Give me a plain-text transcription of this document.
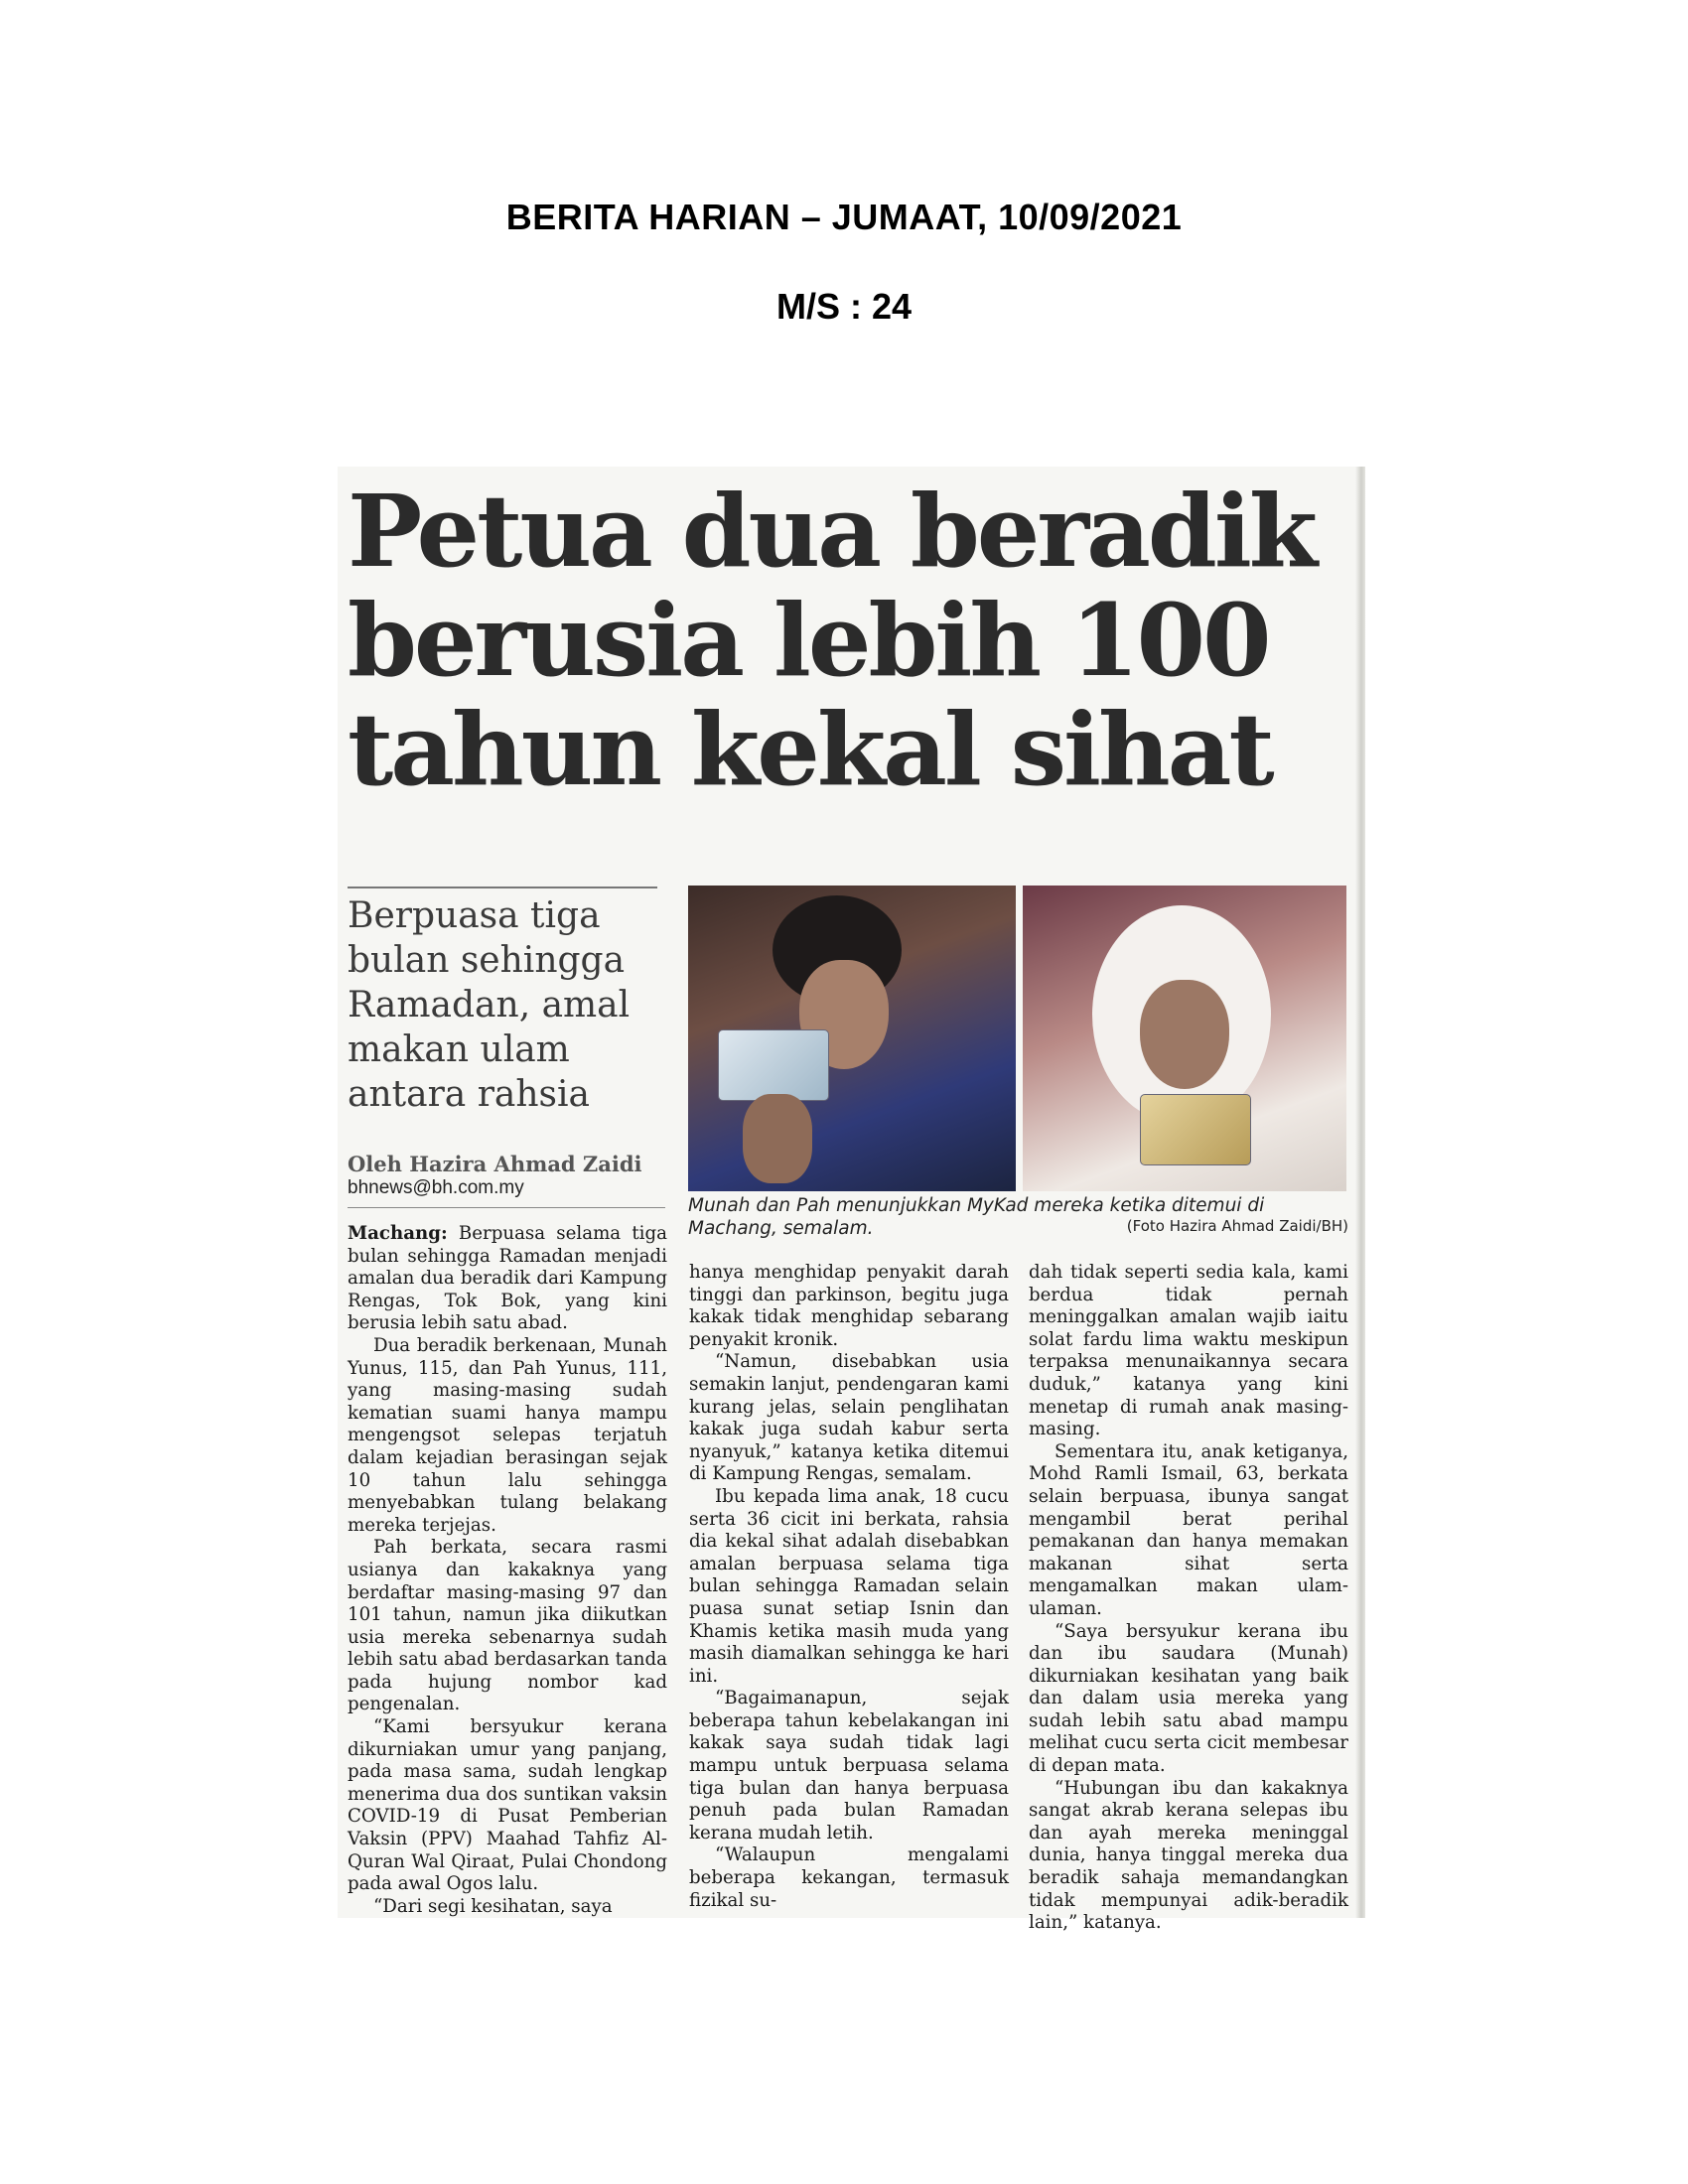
BERITA HARIAN – JUMAAT, 10/09/2021
M/S : 24
Petua dua beradik
berusia lebih 100
tahun kekal sihat
Berpuasa tiga
bulan sehingga
Ramadan, amal
makan ulam
antara rahsia
Oleh Hazira Ahmad Zaidi
bhnews@bh.com.my
Munah dan Pah menunjukkan MyKad mereka ketika ditemui di Machang, semalam.	(Foto Hazira Ahmad Zaidi/BH)

Machang: Berpuasa selama tiga bulan sehingga Ramadan menjadi amalan dua beradik dari Kampung Rengas, Tok Bok, yang kini berusia lebih satu abad.

Dua beradik berkenaan, Munah Yunus, 115, dan Pah Yunus, 111, yang masing-masing sudah kematian suami hanya mampu mengengsot selepas terjatuh dalam kejadian berasingan sejak 10 tahun lalu sehingga menyebabkan tulang belakang mereka terjejas.

Pah berkata, secara rasmi usianya dan kakaknya yang berdaftar masing-masing 97 dan 101 tahun, namun jika diikutkan usia mereka sebenarnya sudah lebih satu abad berdasarkan tanda pada hujung nombor kad pengenalan.

“Kami bersyukur kerana dikurniakan umur yang panjang, pada masa sama, sudah lengkap menerima dua dos suntikan vaksin COVID-19 di Pusat Pemberian Vaksin (PPV) Maahad Tahfiz Al-Quran Wal Qiraat, Pulai Chondong pada awal Ogos lalu.

“Dari segi kesihatan, saya

hanya menghidap penyakit darah tinggi dan parkinson, begitu juga kakak tidak menghidap sebarang penyakit kronik.

“Namun, disebabkan usia semakin lanjut, pendengaran kami kurang jelas, selain penglihatan kakak juga sudah kabur serta nyanyuk,” katanya ketika ditemui di Kampung Rengas, semalam.

Ibu kepada lima anak, 18 cucu serta 36 cicit ini berkata, rahsia dia kekal sihat adalah disebabkan amalan berpuasa selama tiga bulan sehingga Ramadan selain puasa sunat setiap Isnin dan Khamis ketika masih muda yang masih diamalkan sehingga ke hari ini.

“Bagaimanapun, sejak beberapa tahun kebelakangan ini kakak saya sudah tidak lagi mampu untuk berpuasa selama tiga bulan dan hanya berpuasa penuh pada bulan Ramadan kerana mudah letih.

“Walaupun mengalami beberapa kekangan, termasuk fizikal su-

dah tidak seperti sedia kala, kami berdua tidak pernah meninggalkan amalan wajib iaitu solat fardu lima waktu meskipun terpaksa menunaikannya secara duduk,” katanya yang kini menetap di rumah anak masing-masing.

Sementara itu, anak ketiganya, Mohd Ramli Ismail, 63, berkata selain berpuasa, ibunya sangat mengambil berat perihal pemakanan dan hanya memakan makanan sihat serta mengamalkan makan ulam-ulaman.

“Saya bersyukur kerana ibu dan ibu saudara (Munah) dikurniakan kesihatan yang baik dan dalam usia mereka yang sudah lebih satu abad mampu melihat cucu serta cicit membesar di depan mata.

“Hubungan ibu dan kakaknya sangat akrab kerana selepas ibu dan ayah mereka meninggal dunia, hanya tinggal mereka dua beradik sahaja memandangkan tidak mempunyai adik-beradik lain,” katanya.
